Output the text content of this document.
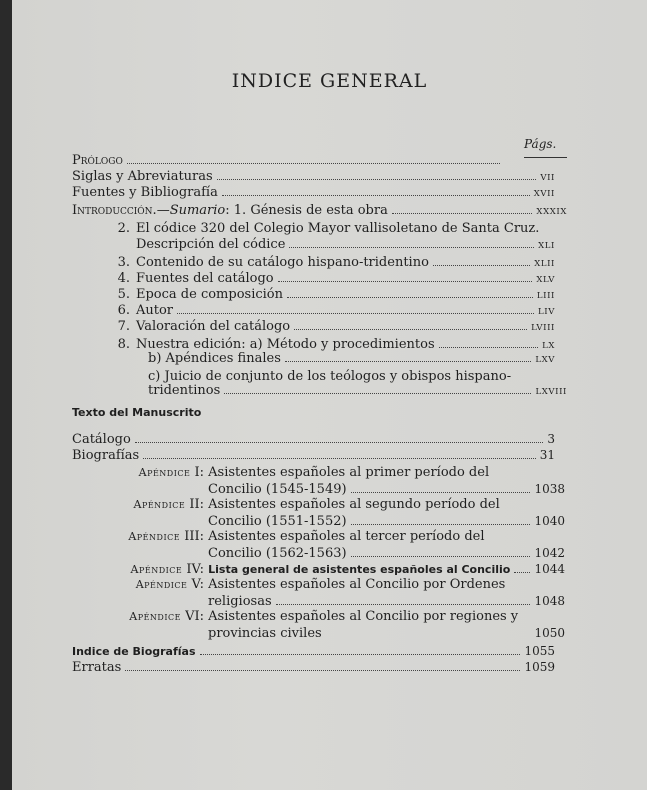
INDICE GENERAL
Págs.
Prólogo
Siglas y Abreviaturas	VII
Fuentes y Bibliografía	XVII
Introducción.—Sumario: 1. Génesis de esta obra	XXXIX
2. El códice 320 del Colegio Mayor vallisoletano de Santa Cruz.
Descripción del códice	XLI
3. Contenido de su catálogo hispano-tridentino	XLII
4. Fuentes del catálogo	XLV
5. Epoca de composición	LIII
6. Autor	LIV
7. Valoración del catálogo	LVIII
8. Nuestra edición: a) Método y procedimientos	LX
b) Apéndices finales	LXV
c) Juicio de conjunto de los teólogos y obispos hispano-
tridentinos	LXVIII
Texto del Manuscrito
Catálogo	3
Biografías	31
Apéndice I: Asistentes españoles al primer período del
Concilio (1545-1549)	1038
Apéndice II: Asistentes españoles al segundo período del
Concilio (1551-1552)	1040
Apéndice III: Asistentes españoles al tercer período del
Concilio (1562-1563)	1042
Apéndice IV: Lista general de asistentes españoles al Concilio 1044
Apéndice V: Asistentes españoles al Concilio por Ordenes
religiosas	1048
Apéndice VI: Asistentes españoles al Concilio por regiones y
provincias civiles	1050
Indice de Biografías	1055
Erratas	1059
